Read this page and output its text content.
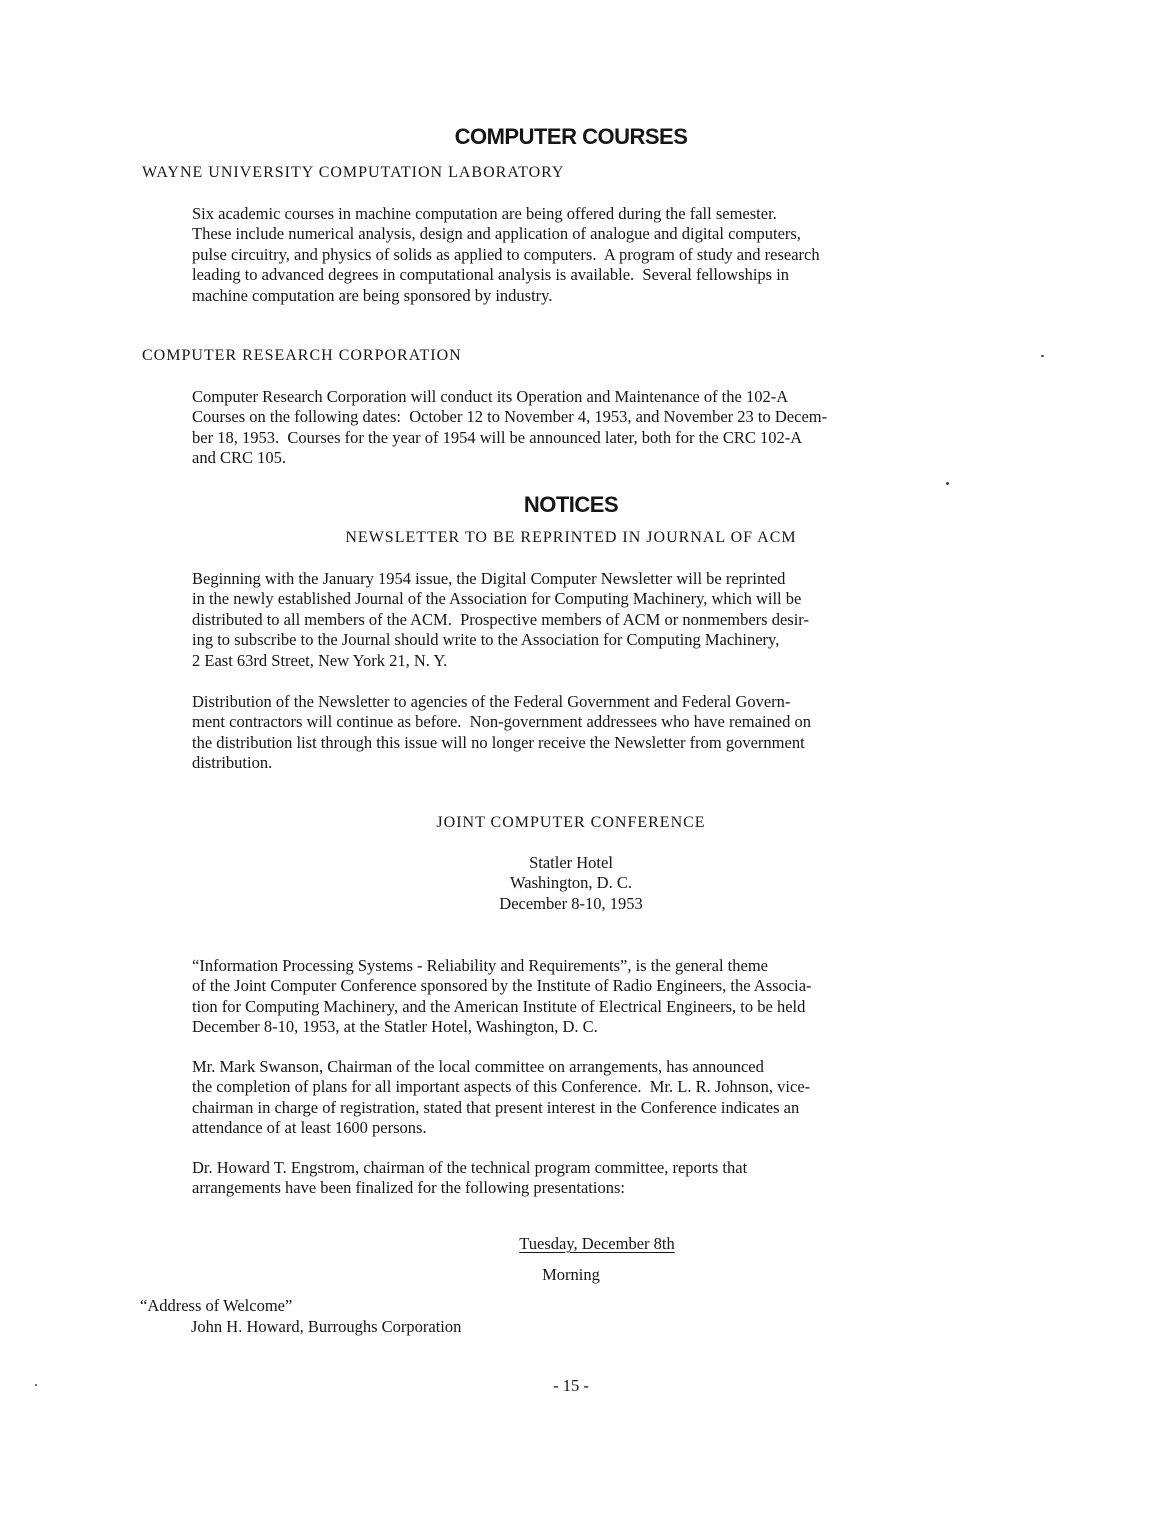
COMPUTER COURSES

WAYNE UNIVERSITY COMPUTATION LABORATORY

Six academic courses in machine computation are being offered during the fall semester.
These include numerical analysis, design and application of analogue and digital computers,
pulse circuitry, and physics of solids as applied to computers.  A program of study and research
leading to advanced degrees in computational analysis is available.  Several fellowships in
machine computation are being sponsored by industry.

COMPUTER RESEARCH CORPORATION

Computer Research Corporation will conduct its Operation and Maintenance of the 102-A
Courses on the following dates:  October 12 to November 4, 1953, and November 23 to Decem-
ber 18, 1953.  Courses for the year of 1954 will be announced later, both for the CRC 102-A
and CRC 105.

NOTICES

NEWSLETTER TO BE REPRINTED IN JOURNAL OF ACM

Beginning with the January 1954 issue, the Digital Computer Newsletter will be reprinted
in the newly established Journal of the Association for Computing Machinery, which will be
distributed to all members of the ACM.  Prospective members of ACM or nonmembers desir-
ing to subscribe to the Journal should write to the Association for Computing Machinery,
2 East 63rd Street, New York 21, N. Y.

Distribution of the Newsletter to agencies of the Federal Government and Federal Govern-
ment contractors will continue as before.  Non-government addressees who have remained on
the distribution list through this issue will no longer receive the Newsletter from government
distribution.

JOINT COMPUTER CONFERENCE

Statler Hotel
Washington, D. C.
December 8-10, 1953

“Information Processing Systems - Reliability and Requirements”, is the general theme
of the Joint Computer Conference sponsored by the Institute of Radio Engineers, the Associa-
tion for Computing Machinery, and the American Institute of Electrical Engineers, to be held
December 8-10, 1953, at the Statler Hotel, Washington, D. C.

Mr. Mark Swanson, Chairman of the local committee on arrangements, has announced
the completion of plans for all important aspects of this Conference.  Mr. L. R. Johnson, vice-
chairman in charge of registration, stated that present interest in the Conference indicates an
attendance of at least 1600 persons.

Dr. Howard T. Engstrom, chairman of the technical program committee, reports that
arrangements have been finalized for the following presentations:

Tuesday, December 8th

Morning

“Address of Welcome”

John H. Howard, Burroughs Corporation

- 15 -
